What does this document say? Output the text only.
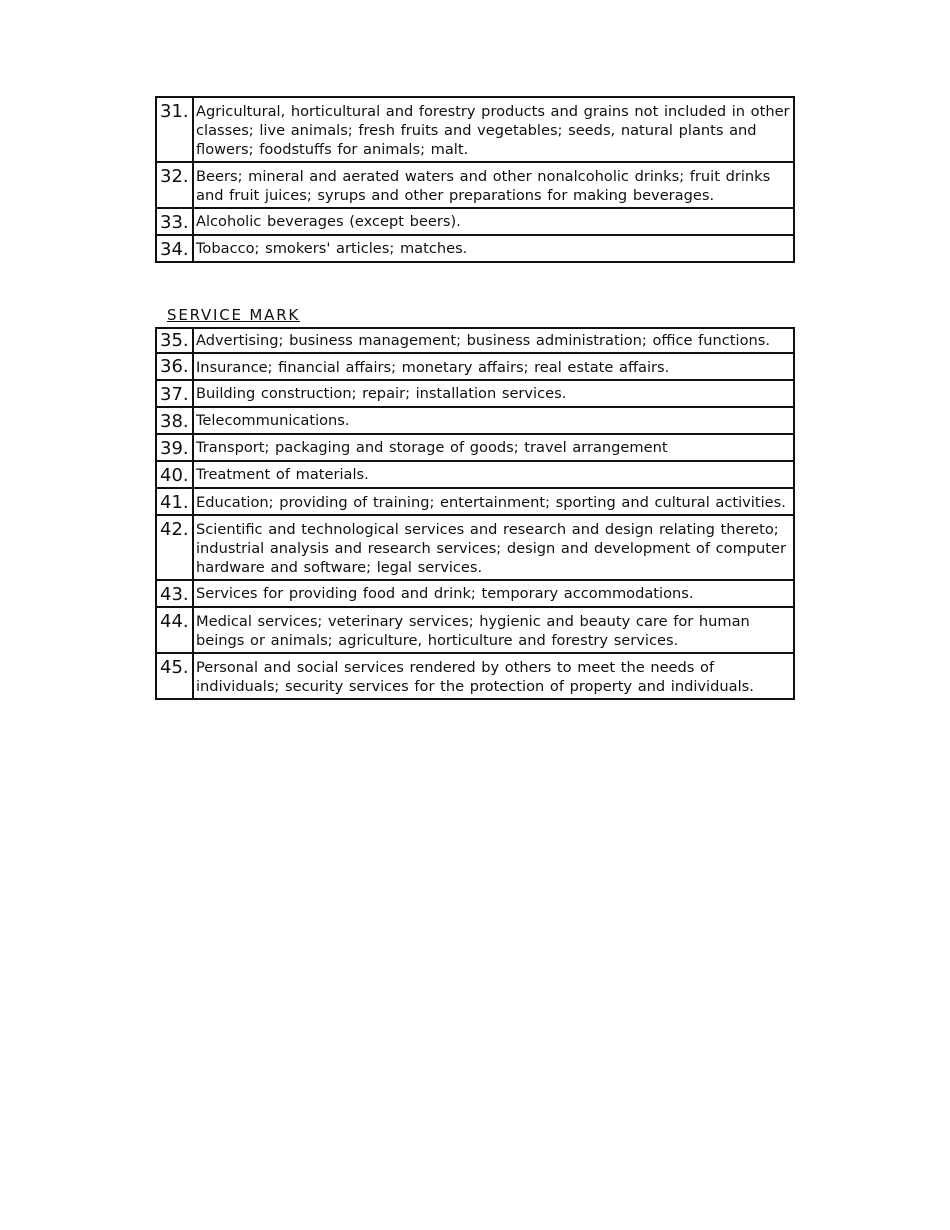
31.	Agricultural, horticultural and forestry products and grains not included in other classes; live animals; fresh fruits and vegetables; seeds, natural plants and flowers; foodstuffs for animals; malt.
32.	Beers; mineral and aerated waters and other nonalcoholic drinks; fruit drinks and fruit juices; syrups and other preparations for making beverages.
33.	Alcoholic beverages (except beers).
34.	Tobacco; smokers' articles; matches.

SERVICE MARK

35.	Advertising; business management; business administration; office functions.
36.	Insurance; financial affairs; monetary affairs; real estate affairs.
37.	Building construction; repair; installation services.
38.	Telecommunications.
39.	Transport; packaging and storage of goods; travel arrangement
40.	Treatment of materials.
41.	Education; providing of training; entertainment; sporting and cultural activities.
42.	Scientific and technological services and research and design relating thereto; industrial analysis and research services; design and development of computer hardware and software; legal services.
43.	Services for providing food and drink; temporary accommodations.
44.	Medical services; veterinary services; hygienic and beauty care for human beings or animals; agriculture, horticulture and forestry services.
45.	Personal and social services rendered by others to meet the needs of individuals; security services for the protection of property and individuals.
